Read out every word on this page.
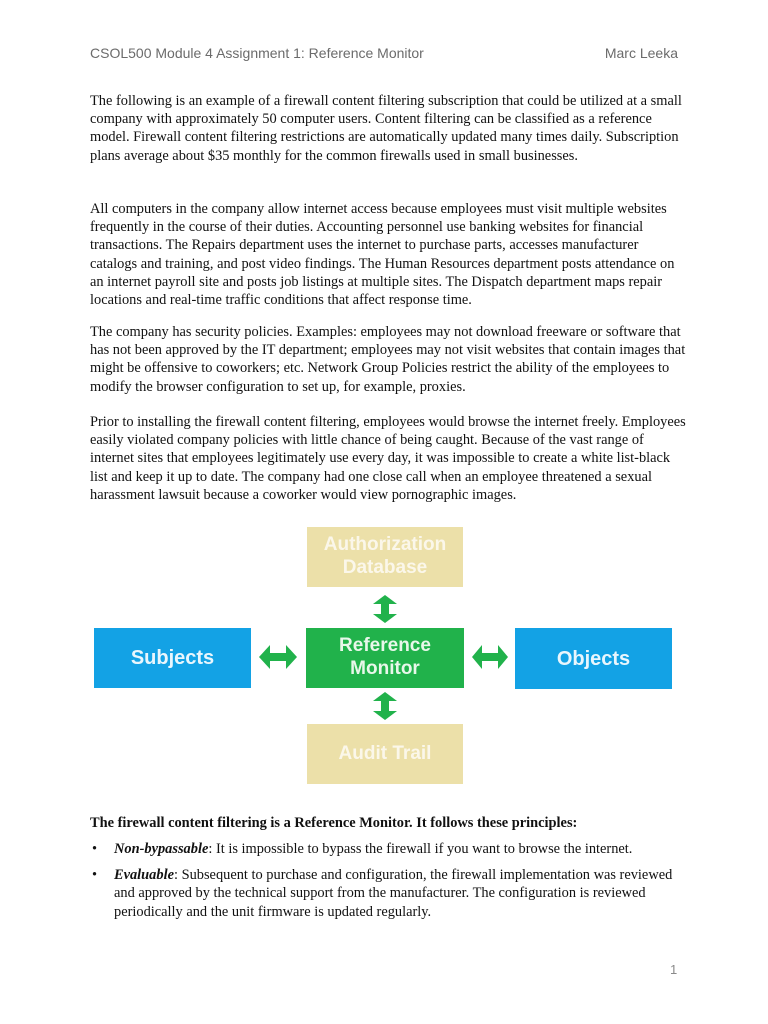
CSOL500 Module 4 Assignment 1: Reference Monitor	Marc Leeka

The following is an example of a firewall content filtering subscription that could be utilized at a small company with approximately 50 computer users. Content filtering can be classified as a reference model. Firewall content filtering restrictions are automatically updated many times daily. Subscription plans average about $35 monthly for the common firewalls used in small businesses.

All computers in the company allow internet access because employees must visit multiple websites frequently in the course of their duties. Accounting personnel use banking websites for financial transactions. The Repairs department uses the internet to purchase parts, accesses manufacturer catalogs and training, and post video findings. The Human Resources department posts attendance on an internet payroll site and posts job listings at multiple sites. The Dispatch department maps repair locations and real-time traffic conditions that affect response time.

The company has security policies. Examples: employees may not download freeware or software that has not been approved by the IT department; employees may not visit websites that contain images that might be offensive to coworkers; etc. Network Group Policies restrict the ability of the employees to modify the browser configuration to set up, for example, proxies.

Prior to installing the firewall content filtering, employees would browse the internet freely. Employees easily violated company policies with little chance of being caught. Because of the vast range of internet sites that employees legitimately use every day, it was impossible to create a white list-black list and keep it up to date. The company had one close call when an employee threatened a sexual harassment lawsuit because a coworker would view pornographic images.

Authorization
Database
Subjects
Reference
Monitor	Objects
Audit Trail
The firewall content filtering is a Reference Monitor. It follows these principles:
• Non-bypassable: It is impossible to bypass the firewall if you want to browse the internet.
• Evaluable: Subsequent to purchase and configuration, the firewall implementation was reviewed and approved by the technical support from the manufacturer. The configuration is reviewed periodically and the unit firmware is updated regularly.
1
